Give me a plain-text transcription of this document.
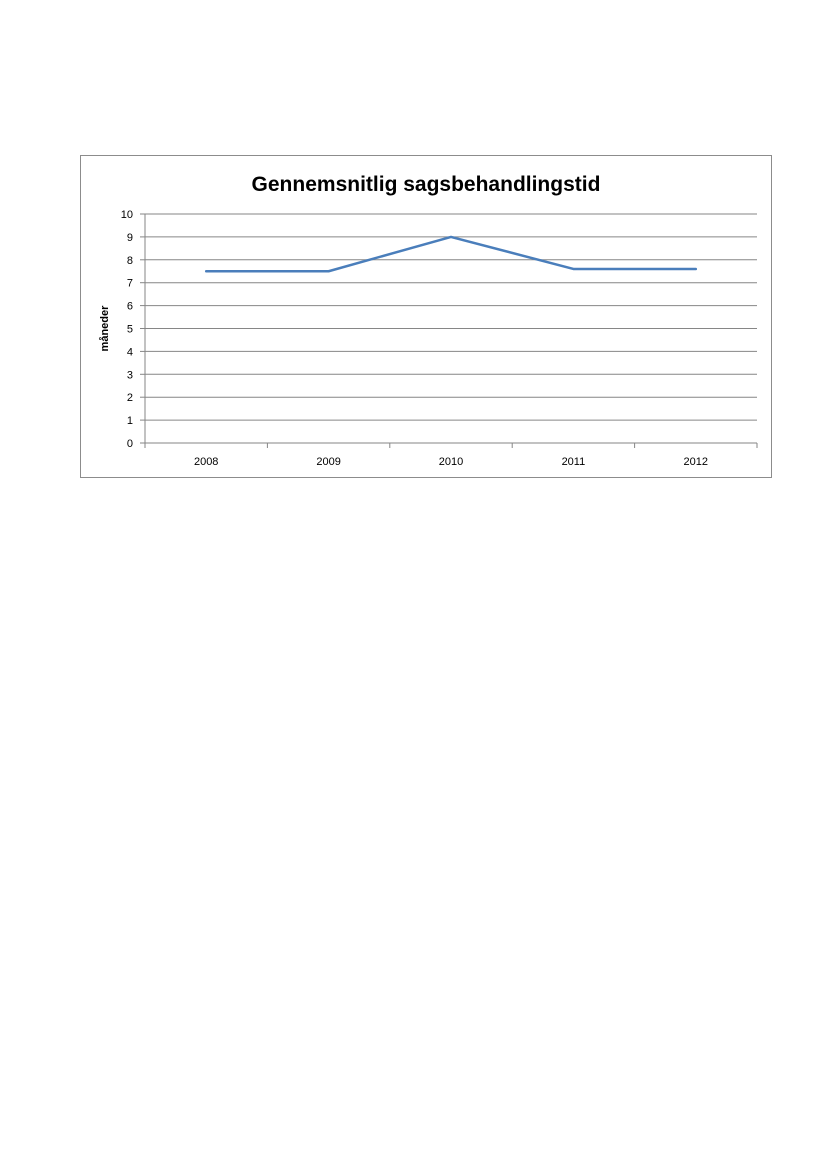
Gennemsnitlig sagsbehandlingstid
0
1
2
3
4
5
6
7
8
9
10
2008	2009	2010	2011	2012
måneder
